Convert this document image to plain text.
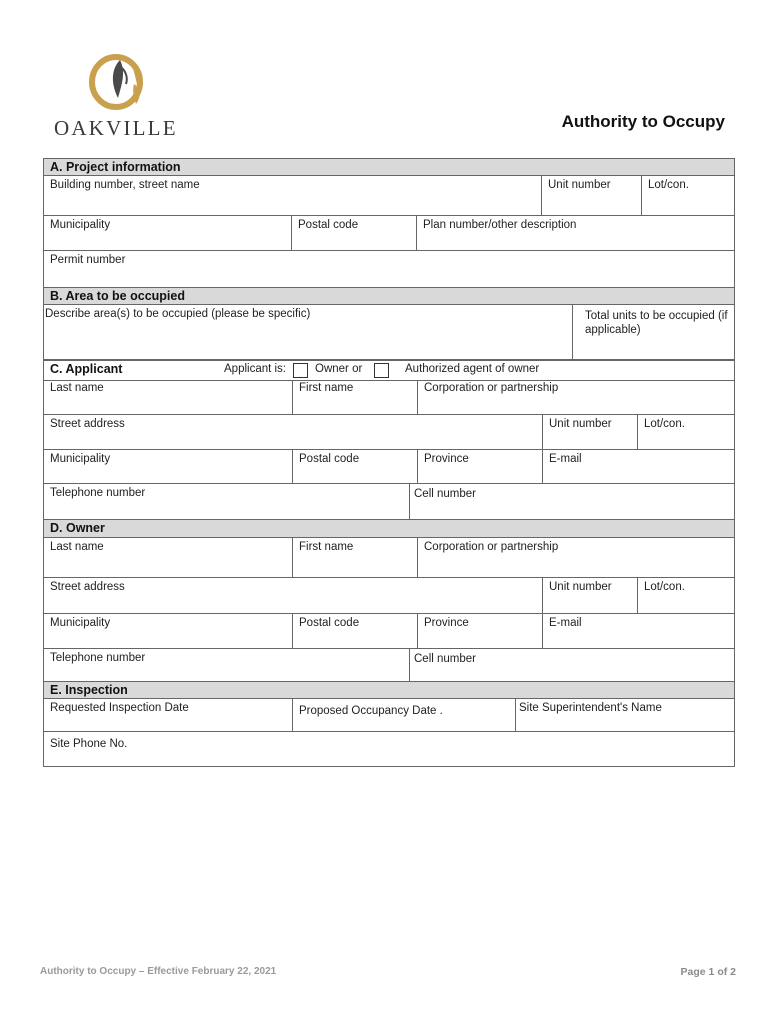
OAKVILLE	Authority to Occupy
A. Project information
Building number, street name	Unit number	Lot/con.
Municipality	Postal code	Plan number/other description
Permit number
B. Area to be occupied
Describe area(s) to be occupied (please be specific)	Total units to be occupied (if applicable)
C. Applicant	Applicant is:	Owner or	Authorized agent of owner
Last name	First name	Corporation or partnership
Street address	Unit number	Lot/con.
Municipality	Postal code	Province	E-mail
Telephone number	Cell number
D. Owner
Last name	First name	Corporation or partnership
Street address	Unit number	Lot/con.
Municipality	Postal code	Province	E-mail
Telephone number	Cell number
E. Inspection
Requested Inspection Date	Proposed Occupancy Date .	Site Superintendent's Name
Site Phone No.
Authority to Occupy – Effective February 22, 2021	Page 1 of 2
